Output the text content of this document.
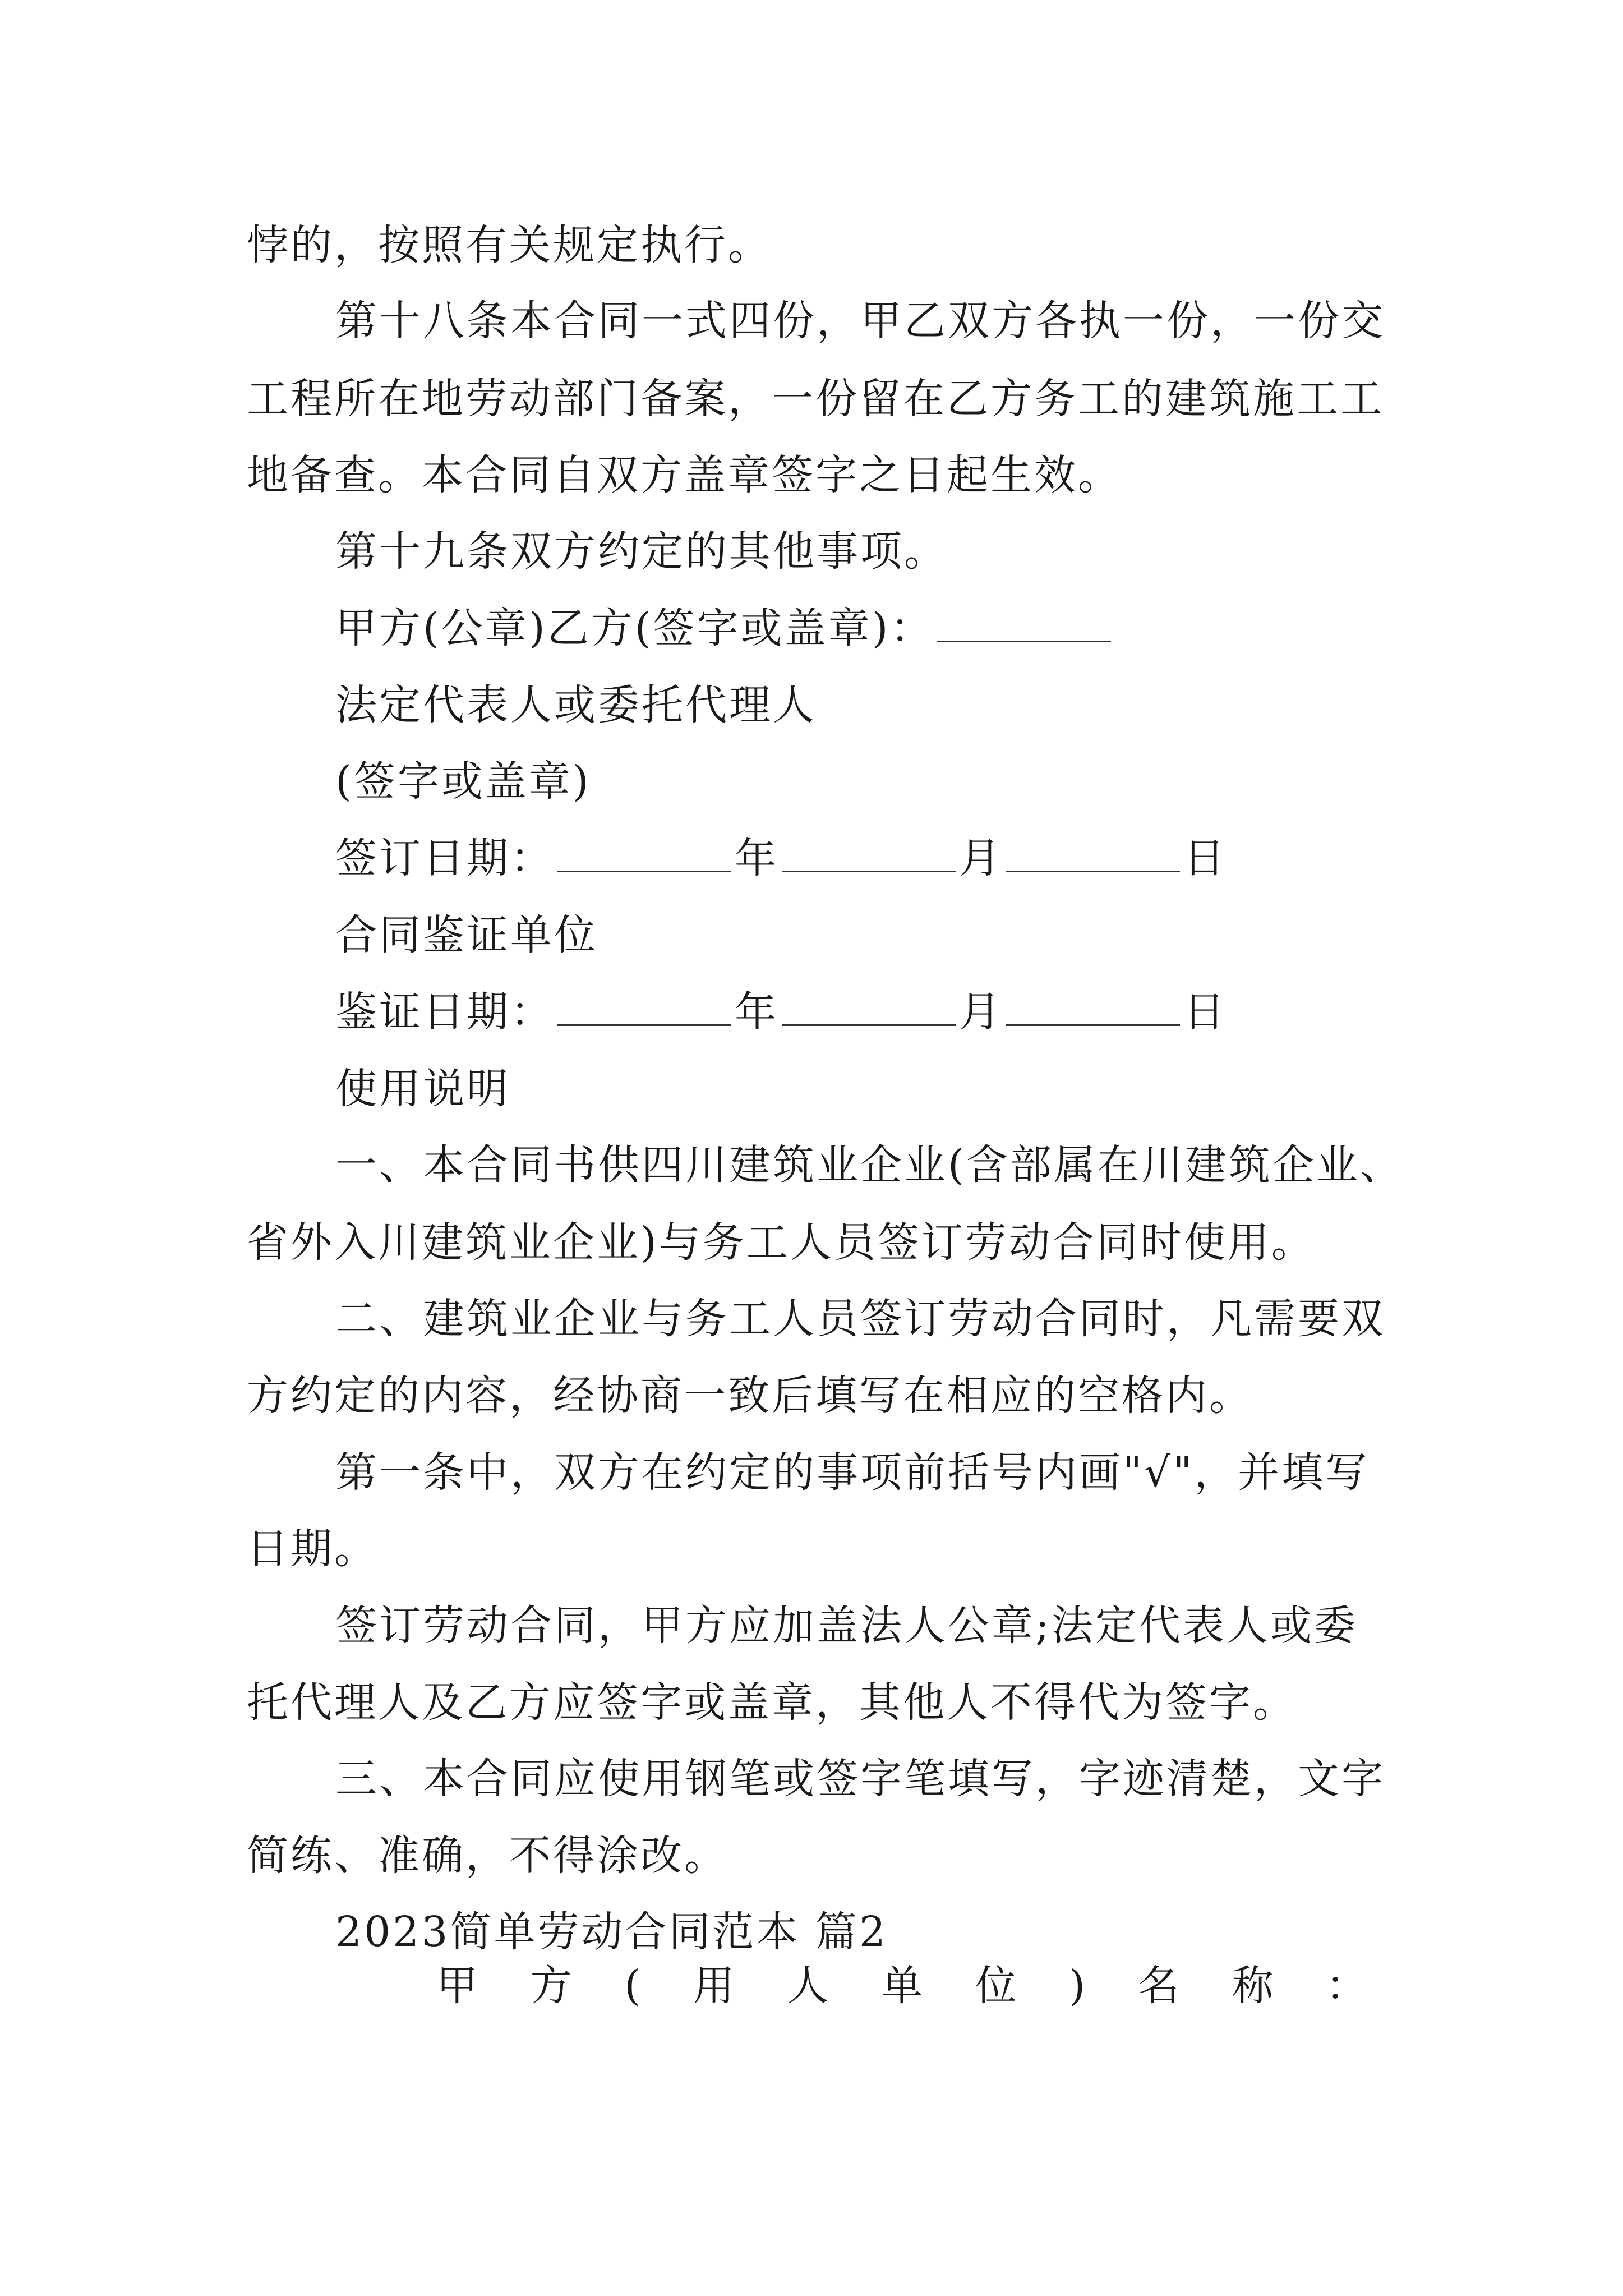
悖的，按照有关规定执行。
第十八条本合同一式四份，甲乙双方各执一份，一份交
工程所在地劳动部门备案，一份留在乙方务工的建筑施工工
地备查。本合同自双方盖章签字之日起生效。
第十九条双方约定的其他事项。
甲方(公章)乙方(签字或盖章)：
法定代表人或委托代理人
(签字或盖章)
签订日期：	年	月	日
合同鉴证单位
鉴证日期：	年	月	日
使用说明
一、本合同书供四川建筑业企业(含部属在川建筑企业、
省外入川建筑业企业)与务工人员签订劳动合同时使用。
二、建筑业企业与务工人员签订劳动合同时，凡需要双
方约定的内容，经协商一致后填写在相应的空格内。
第一条中，双方在约定的事项前括号内画"√"，并填写
日期。
签订劳动合同，甲方应加盖法人公章;法定代表人或委
托代理人及乙方应签字或盖章，其他人不得代为签字。
三、本合同应使用钢笔或签字笔填写，字迹清楚，文字
简练、准确，不得涂改。
2023简单劳动合同范本 篇2
甲 方 ( 用 人 单 位 ) 名 称 ：
